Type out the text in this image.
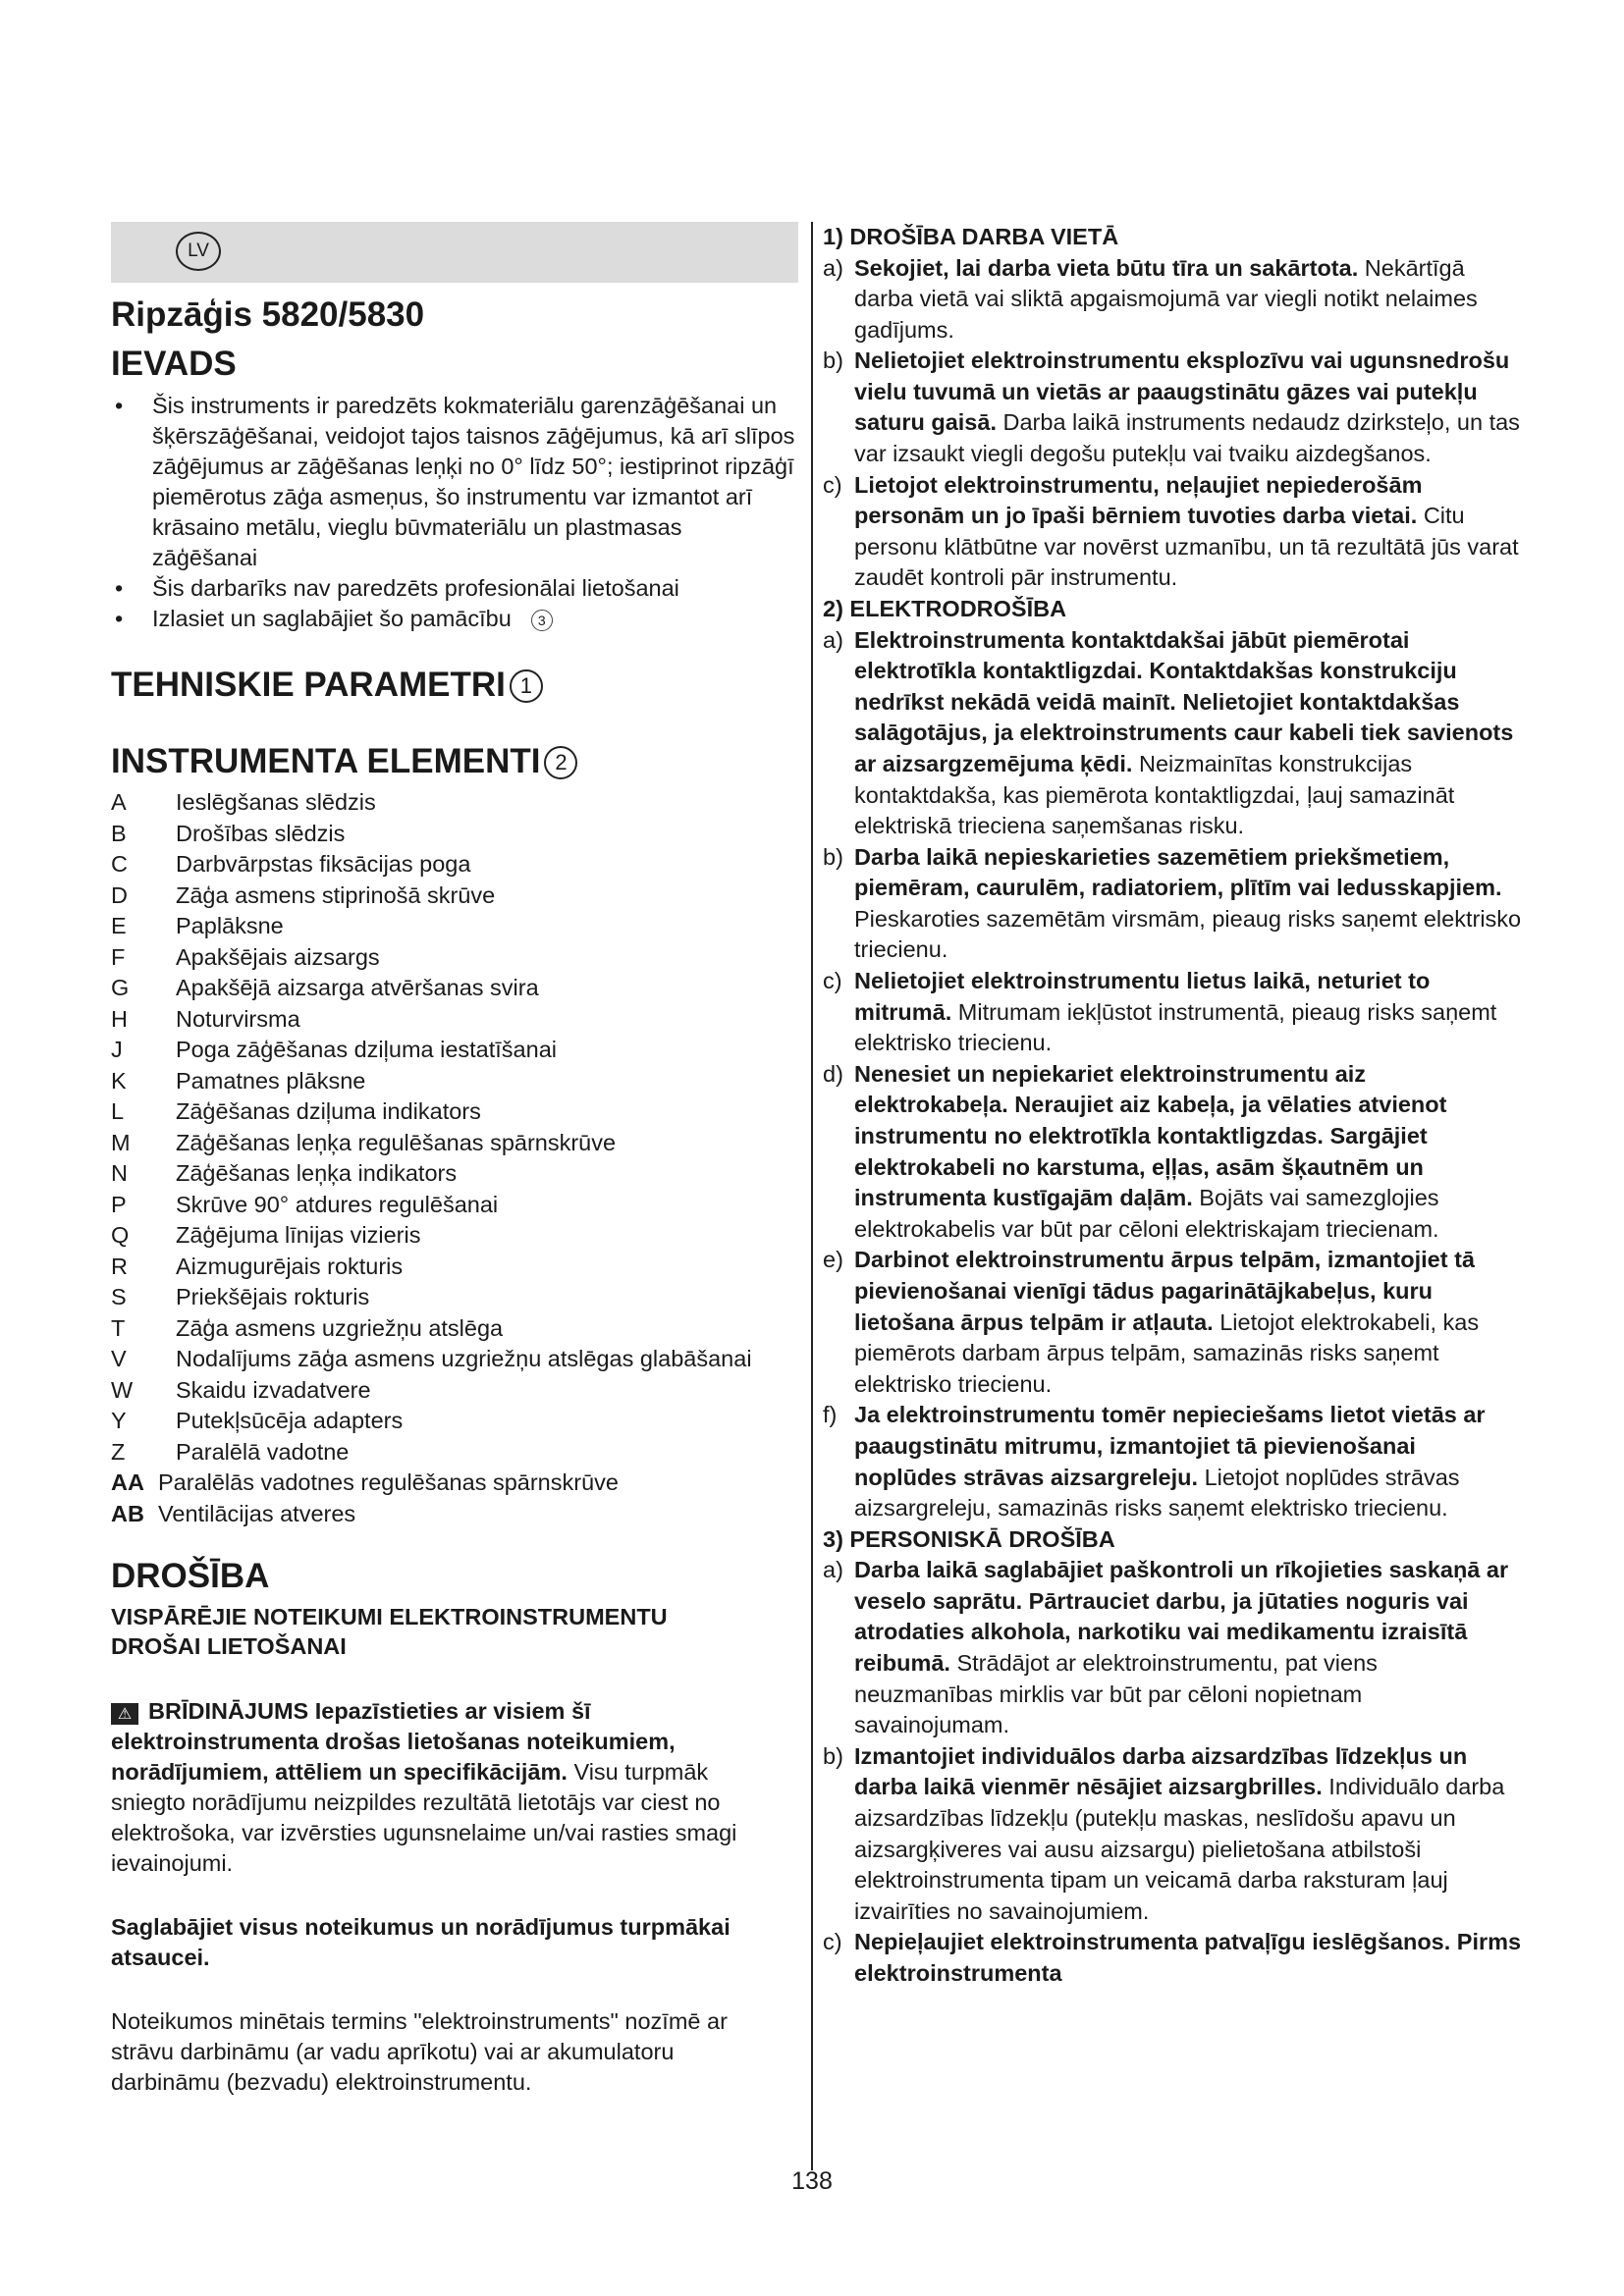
LV
Ripzāģis 5820/5830
IEVADS
• Šis instruments ir paredzēts kokmateriālu garenzāģēšanai un šķērszāģēšanai, veidojot tajos taisnos zāģējumus, kā arī slīpos zāģējumus ar zāģēšanas leņķi no 0° līdz 50°; iestiprinot ripzāģī piemērotus zāģa asmeņus, šo instrumentu var izmantot arī krāsaino metālu, vieglu būvmateriālu un plastmasas zāģēšanai
• Šis darbarīks nav paredzēts profesionālai lietošanai
• Izlasiet un saglabājiet šo pamācību 3
TEHNISKIE PARAMETRI 1
INSTRUMENTA ELEMENTI 2
A	Ieslēgšanas slēdzis
B	Drošības slēdzis
C	Darbvārpstas fiksācijas poga
D	Zāģa asmens stiprinošā skrūve
E	Paplāksne
F	Apakšējais aizsargs
G	Apakšējā aizsarga atvēršanas svira
H	Noturvirsma
J	Poga zāģēšanas dziļuma iestatīšanai
K	Pamatnes plāksne
L	Zāģēšanas dziļuma indikators
M	Zāģēšanas leņķa regulēšanas spārnskrūve
N	Zāģēšanas leņķa indikators
P	Skrūve 90° atdures regulēšanai
Q	Zāģējuma līnijas vizieris
R	Aizmugurējais rokturis
S	Priekšējais rokturis
T	Zāģa asmens uzgriežņu atslēga
V	Nodalījums zāģa asmens uzgriežņu atslēgas glabāšanai
W	Skaidu izvadatvere
Y	Putekļsūcēja adapters
Z	Paralēlā vadotne
AA Paralēlās vadotnes regulēšanas spārnskrūve
AB Ventilācijas atveres
DROŠĪBA
VISPĀRĒJIE NOTEIKUMI ELEKTROINSTRUMENTU DROŠAI LIETOŠANAI
⚠ BRĪDINĀJUMS Iepazīstieties ar visiem šī elektroinstrumenta drošas lietošanas noteikumiem, norādījumiem, attēliem un specifikācijām. Visu turpmāk sniegto norādījumu neizpildes rezultātā lietotājs var ciest no elektrošoka, var izvērsties ugunsnelaime un/vai rasties smagi ievainojumi.
Saglabājiet visus noteikumus un norādījumus turpmākai atsaucei.
Noteikumos minētais termins "elektroinstruments" nozīmē ar strāvu darbināmu (ar vadu aprīkotu) vai ar akumulatoru darbināmu (bezvadu) elektroinstrumentu.
1) DROŠĪBA DARBA VIETĀ
a) Sekojiet, lai darba vieta būtu tīra un sakārtota. Nekārtīgā darba vietā vai sliktā apgaismojumā var viegli notikt nelaimes gadījums.
b) Nelietojiet elektroinstrumentu eksplozīvu vai ugunsnedrošu vielu tuvumā un vietās ar paaugstinātu gāzes vai putekļu saturu gaisā. Darba laikā instruments nedaudz dzirksteļo, un tas var izsaukt viegli degošu putekļu vai tvaiku aizdegšanos.
c) Lietojot elektroinstrumentu, neļaujiet nepiederošām personām un jo īpaši bērniem tuvoties darba vietai. Citu personu klātbūtne var novērst uzmanību, un tā rezultātā jūs varat zaudēt kontroli pār instrumentu.
2) ELEKTRODROŠĪBA
a) Elektroinstrumenta kontaktdakšai jābūt piemērotai elektrotīkla kontaktligzdai. Kontaktdakšas konstrukciju nedrīkst nekādā veidā mainīt. Nelietojiet kontaktdakšas salāgotājus, ja elektroinstruments caur kabeli tiek savienots ar aizsargzemējuma ķēdi. Neizmainītas konstrukcijas kontaktdakša, kas piemērota kontaktligzdai, ļauj samazināt elektriskā trieciena saņemšanas risku.
b) Darba laikā nepieskarieties sazemētiem priekšmetiem, piemēram, caurulēm, radiatoriem, plītīm vai ledusskapjiem. Pieskaroties sazemētām virsmām, pieaug risks saņemt elektrisko triecienu.
c) Nelietojiet elektroinstrumentu lietus laikā, neturiet to mitrumā. Mitrumam iekļūstot instrumentā, pieaug risks saņemt elektrisko triecienu.
d) Nenesiet un nepiekariet elektroinstrumentu aiz elektrokabeļa. Neraujiet aiz kabeļa, ja vēlaties atvienot instrumentu no elektrotīkla kontaktligzdas. Sargājiet elektrokabeli no karstuma, eļļas, asām šķautnēm un instrumenta kustīgajām daļām. Bojāts vai samezglojies elektrokabelis var būt par cēloni elektriskajam triecienam.
e) Darbinot elektroinstrumentu ārpus telpām, izmantojiet tā pievienošanai vienīgi tādus pagarinātājkabeļus, kuru lietošana ārpus telpām ir atļauta. Lietojot elektrokabeli, kas piemērots darbam ārpus telpām, samazinās risks saņemt elektrisko triecienu.
f) Ja elektroinstrumentu tomēr nepieciešams lietot vietās ar paaugstinātu mitrumu, izmantojiet tā pievienošanai noplūdes strāvas aizsargreleju. Lietojot noplūdes strāvas aizsargreleju, samazinās risks saņemt elektrisko triecienu.
3) PERSONISKĀ DROŠĪBA
a) Darba laikā saglabājiet paškontroli un rīkojieties saskaņā ar veselo saprātu. Pārtrauciet darbu, ja jūtaties noguris vai atrodaties alkohola, narkotiku vai medikamentu izraisītā reibumā. Strādājot ar elektroinstrumentu, pat viens neuzmanības mirklis var būt par cēloni nopietnam savainojumam.
b) Izmantojiet individuālos darba aizsardzības līdzekļus un darba laikā vienmēr nēsājiet aizsargbrilles. Individuālo darba aizsardzības līdzekļu (putekļu maskas, neslīdošu apavu un aizsargķiveres vai ausu aizsargu) pielietošana atbilstoši elektroinstrumenta tipam un veicamā darba raksturam ļauj izvairīties no savainojumiem.
c) Nepieļaujiet elektroinstrumenta patvaļīgu ieslēgšanos. Pirms elektroinstrumenta
138
